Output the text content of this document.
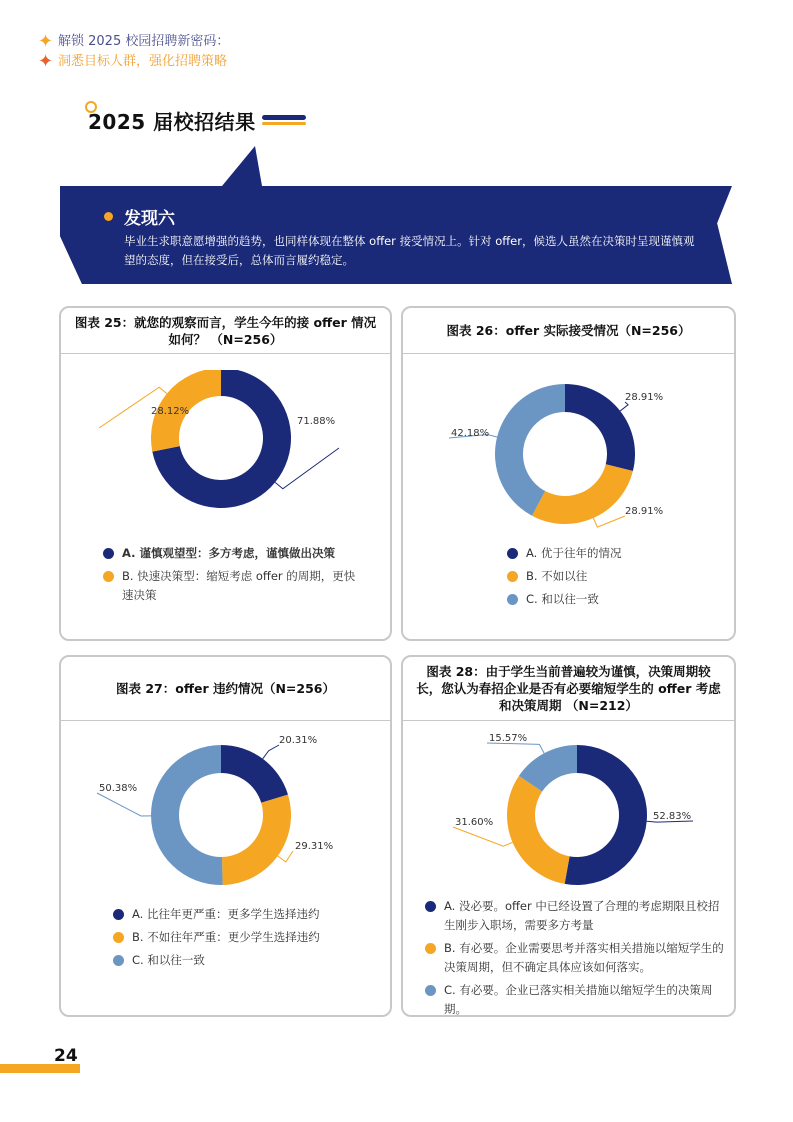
✦ 解锁 2025 校园招聘新密码：
✦ 洞悉目标人群，强化招聘策略
2025 届校招结果
发现六
毕业生求职意愿增强的趋势，也同样体现在整体 offer 接受情况上。针对 offer，候选人虽然在决策时呈现谨慎观望的态度，但在接受后，总体而言履约稳定。
图表 25：就您的观察而言，学生今年的接 offer 情况如何？ （N=256）
71.88%
28.12%
A. 谨慎观望型：多方考虑，谨慎做出决策
B. 快速决策型：缩短考虑 offer 的周期，更快速决策
图表 26：offer 实际接受情况（N=256）
28.91%
28.91%
42.18%
A. 优于往年的情况
B. 不如以往
C. 和以往一致
图表 27：offer 违约情况（N=256）
20.31%
29.31%
50.38%
A. 比往年更严重：更多学生选择违约
B. 不如往年严重：更少学生选择违约
C. 和以往一致
图表 28：由于学生当前普遍较为谨慎，决策周期较长，您认为春招企业是否有必要缩短学生的 offer 考虑和决策周期 （N=212）
52.83%
31.60%
15.57%
A. 没必要。offer 中已经设置了合理的考虑期限且校招生刚步入职场，需要多方考量
B. 有必要。企业需要思考并落实相关措施以缩短学生的决策周期，但不确定具体应该如何落实。
C. 有必要。企业已落实相关措施以缩短学生的决策周期。
24
